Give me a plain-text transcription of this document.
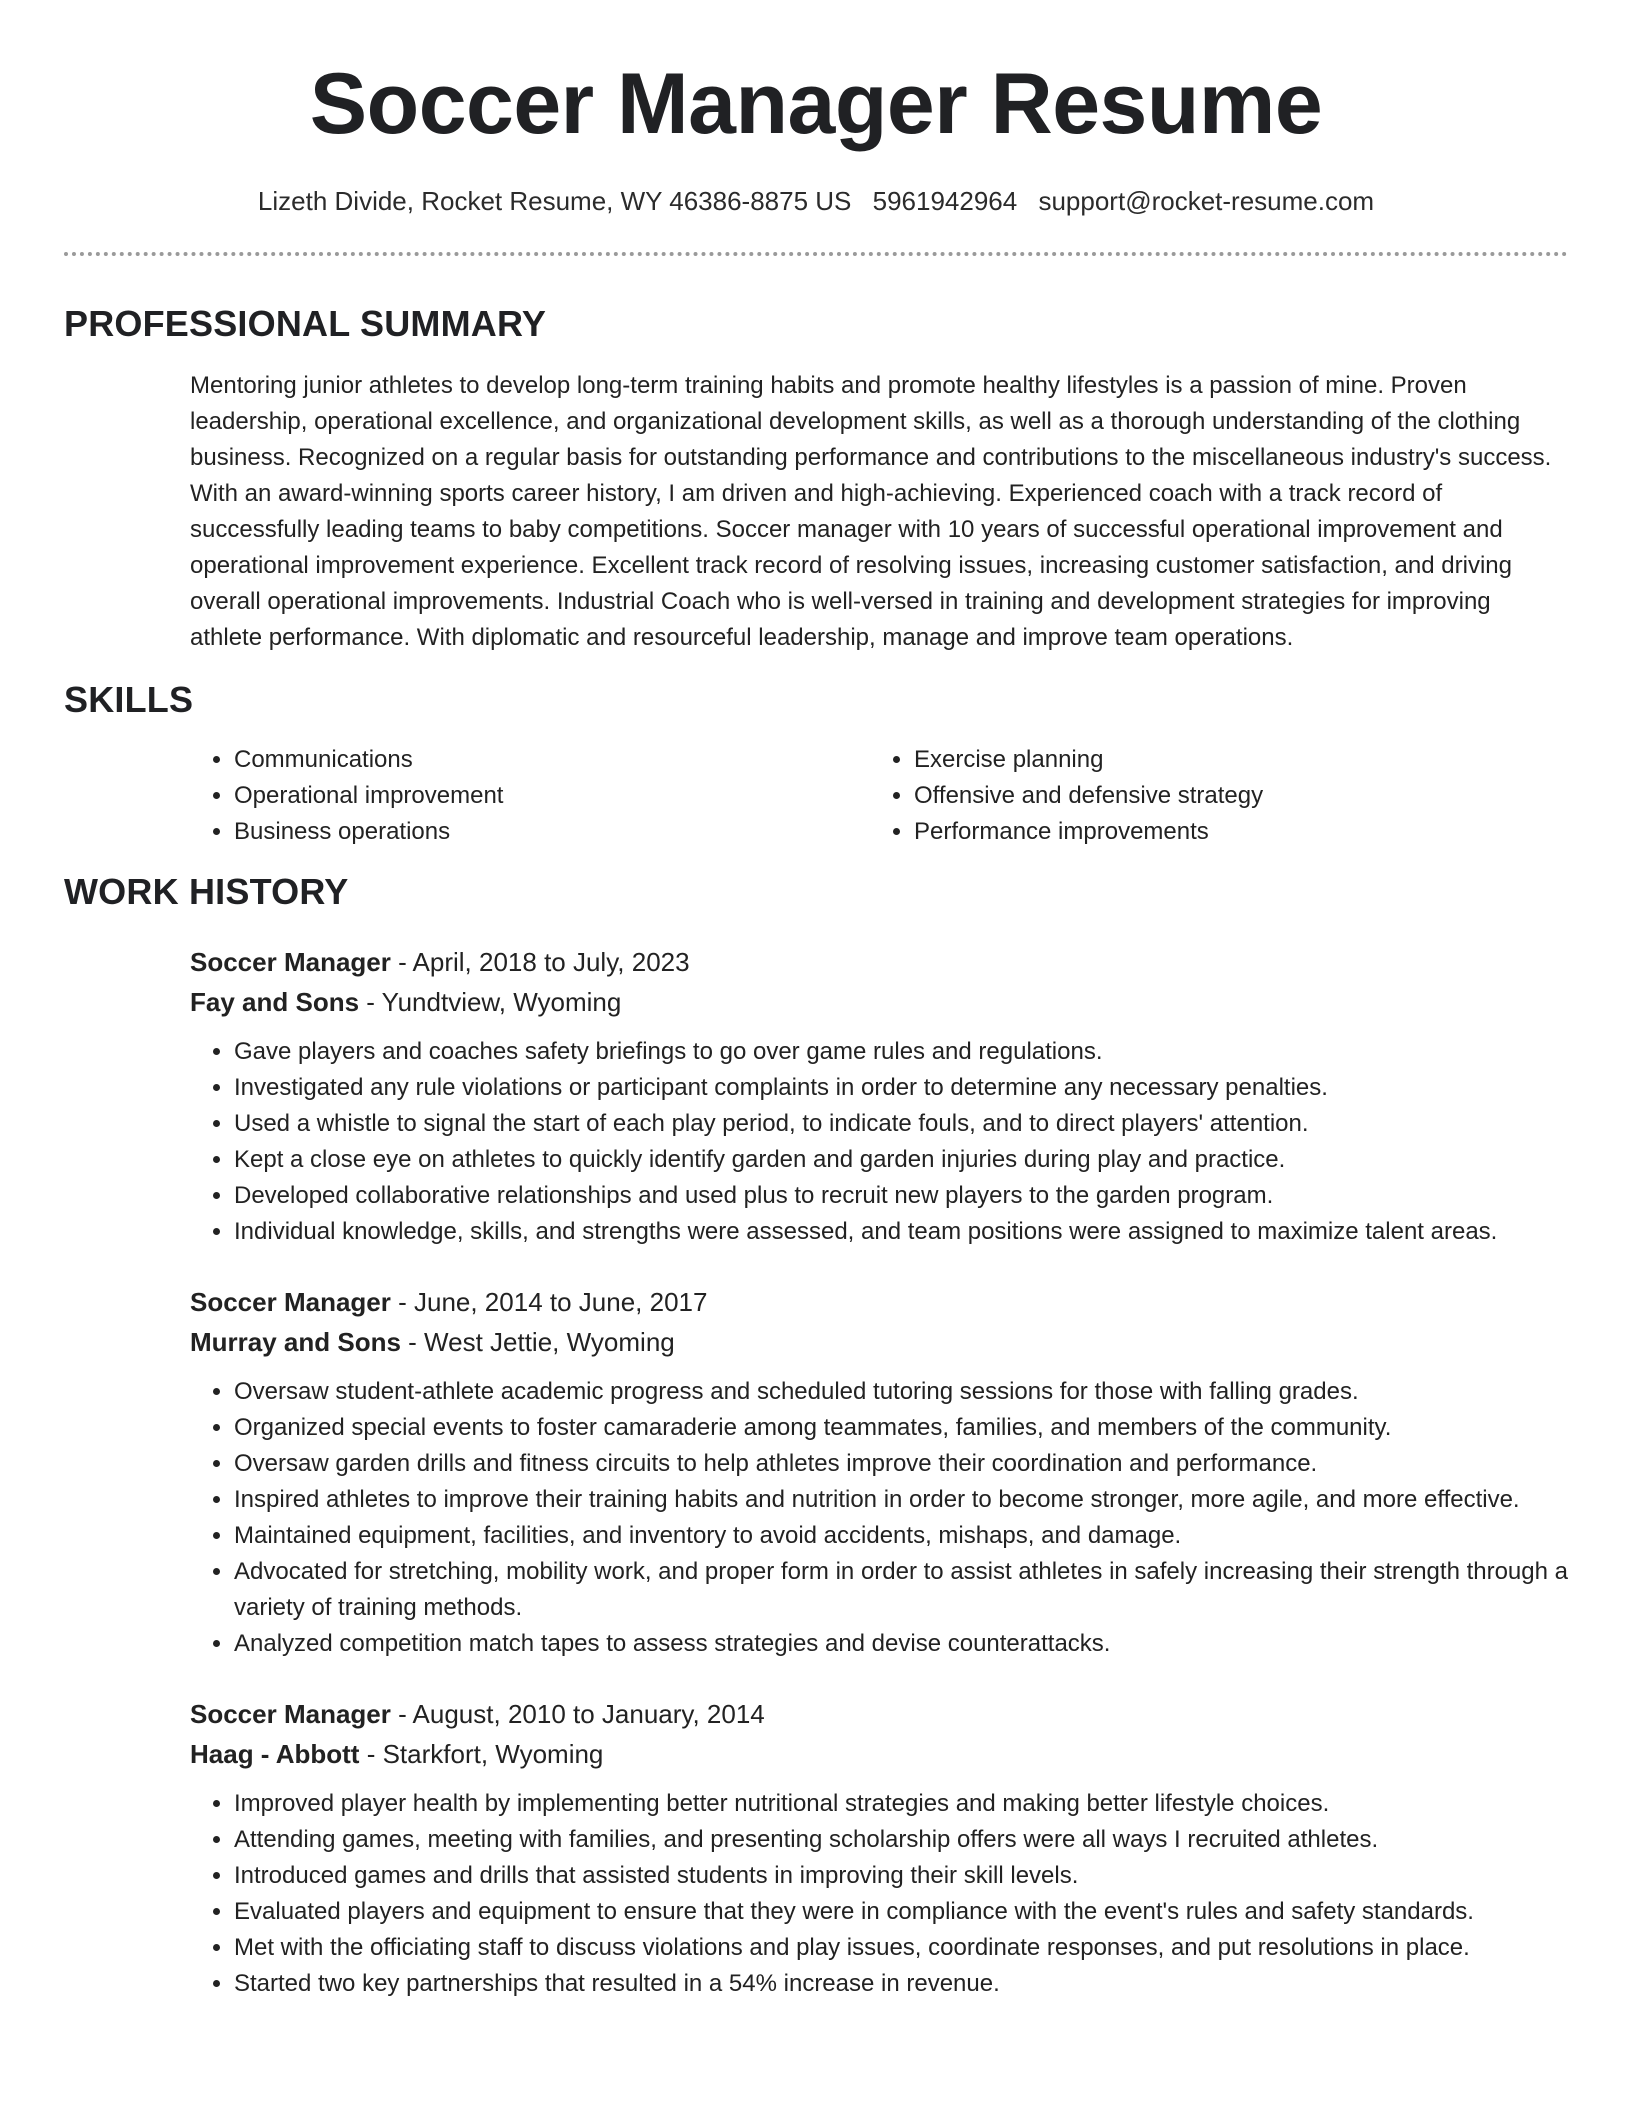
Soccer Manager Resume
Lizeth Divide, Rocket Resume, WY 46386-8875 US 5961942964 support@rocket-resume.com
PROFESSIONAL SUMMARY
Mentoring junior athletes to develop long-term training habits and promote healthy lifestyles is a passion of mine. Proven leadership, operational excellence, and organizational development skills, as well as a thorough understanding of the clothing business. Recognized on a regular basis for outstanding performance and contributions to the miscellaneous industry's success. With an award-winning sports career history, I am driven and high-achieving. Experienced coach with a track record of successfully leading teams to baby competitions. Soccer manager with 10 years of successful operational improvement and operational improvement experience. Excellent track record of resolving issues, increasing customer satisfaction, and driving overall operational improvements. Industrial Coach who is well-versed in training and development strategies for improving athlete performance. With diplomatic and resourceful leadership, manage and improve team operations.
SKILLS
• Communications
• Operational improvement
• Business operations
• Exercise planning
• Offensive and defensive strategy
• Performance improvements
WORK HISTORY
Soccer Manager - April, 2018 to July, 2023
Fay and Sons - Yundtview, Wyoming
• Gave players and coaches safety briefings to go over game rules and regulations.
• Investigated any rule violations or participant complaints in order to determine any necessary penalties.
• Used a whistle to signal the start of each play period, to indicate fouls, and to direct players' attention.
• Kept a close eye on athletes to quickly identify garden and garden injuries during play and practice.
• Developed collaborative relationships and used plus to recruit new players to the garden program.
• Individual knowledge, skills, and strengths were assessed, and team positions were assigned to maximize talent areas.
Soccer Manager - June, 2014 to June, 2017
Murray and Sons - West Jettie, Wyoming
• Oversaw student-athlete academic progress and scheduled tutoring sessions for those with falling grades.
• Organized special events to foster camaraderie among teammates, families, and members of the community.
• Oversaw garden drills and fitness circuits to help athletes improve their coordination and performance.
• Inspired athletes to improve their training habits and nutrition in order to become stronger, more agile, and more effective.
• Maintained equipment, facilities, and inventory to avoid accidents, mishaps, and damage.
• Advocated for stretching, mobility work, and proper form in order to assist athletes in safely increasing their strength through a variety of training methods.
• Analyzed competition match tapes to assess strategies and devise counterattacks.
Soccer Manager - August, 2010 to January, 2014
Haag - Abbott - Starkfort, Wyoming
• Improved player health by implementing better nutritional strategies and making better lifestyle choices.
• Attending games, meeting with families, and presenting scholarship offers were all ways I recruited athletes.
• Introduced games and drills that assisted students in improving their skill levels.
• Evaluated players and equipment to ensure that they were in compliance with the event's rules and safety standards.
• Met with the officiating staff to discuss violations and play issues, coordinate responses, and put resolutions in place.
• Started two key partnerships that resulted in a 54% increase in revenue.
